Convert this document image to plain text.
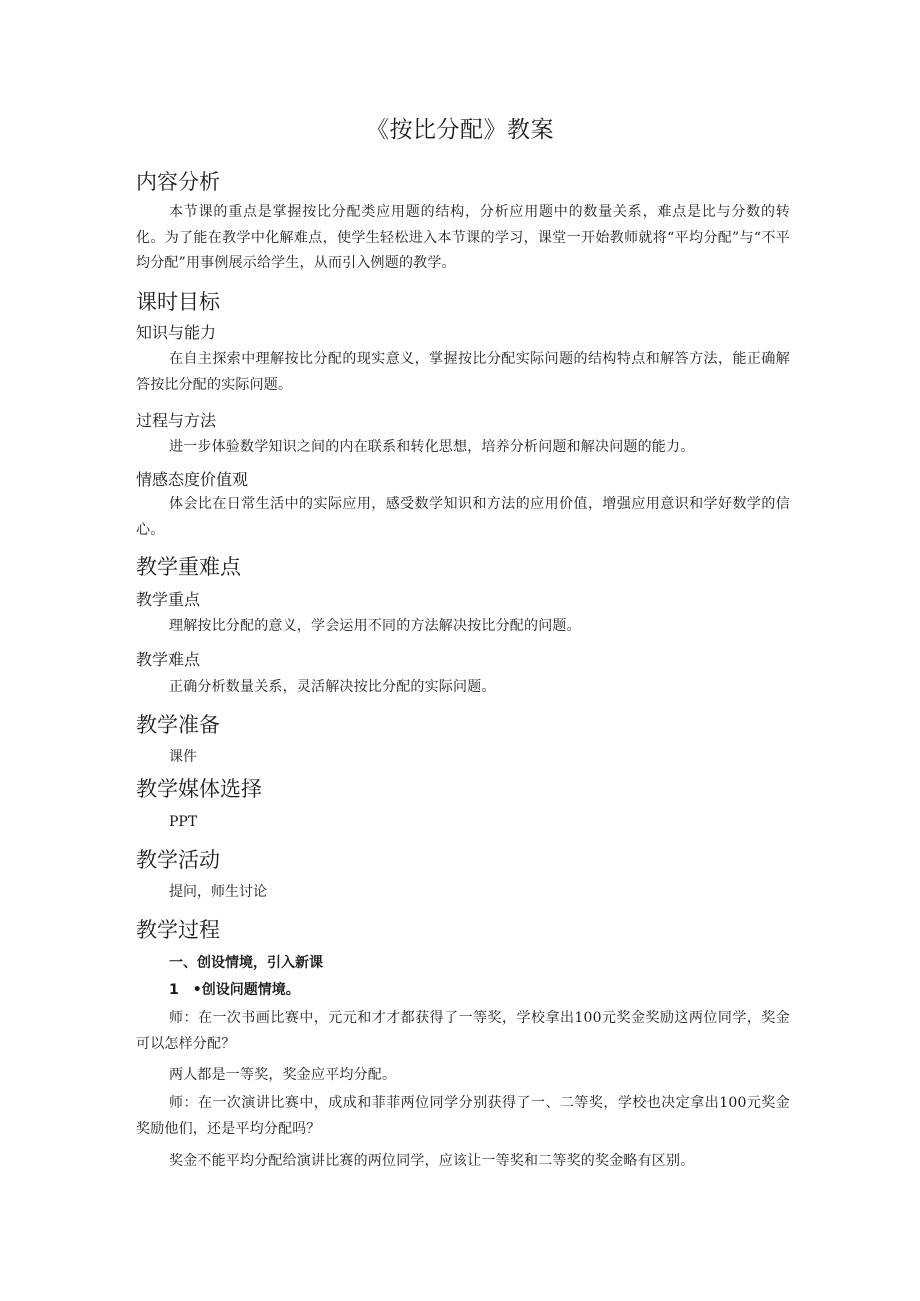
《按比分配》教案
内容分析
本节课的重点是掌握按比分配类应用题的结构，分析应用题中的数量关系，难点是比与分数的转化。为了能在教学中化解难点，使学生轻松进入本节课的学习，课堂一开始教师就将“平均分配”与“不平均分配”用事例展示给学生，从而引入例题的教学。
课时目标
知识与能力
在自主探索中理解按比分配的现实意义，掌握按比分配实际问题的结构特点和解答方法，能正确解答按比分配的实际问题。
过程与方法
进一步体验数学知识之间的内在联系和转化思想，培养分析问题和解决问题的能力。
情感态度价值观
体会比在日常生活中的实际应用，感受数学知识和方法的应用价值，增强应用意识和学好数学的信心。
教学重难点
教学重点
理解按比分配的意义，学会运用不同的方法解决按比分配的问题。
教学难点
正确分析数量关系，灵活解决按比分配的实际问题。
教学准备
课件
教学媒体选择
PPT
教学活动
提问，师生讨论
教学过程
一、创设情境，引入新课
1　•创设问题情境。
师：在一次书画比赛中，元元和才才都获得了一等奖，学校拿出100元奖金奖励这两位同学，奖金可以怎样分配？
两人都是一等奖，奖金应平均分配。
师：在一次演讲比赛中，成成和菲菲两位同学分别获得了一、二等奖，学校也决定拿出100元奖金奖励他们，还是平均分配吗？
奖金不能平均分配给演讲比赛的两位同学，应该让一等奖和二等奖的奖金略有区别。
